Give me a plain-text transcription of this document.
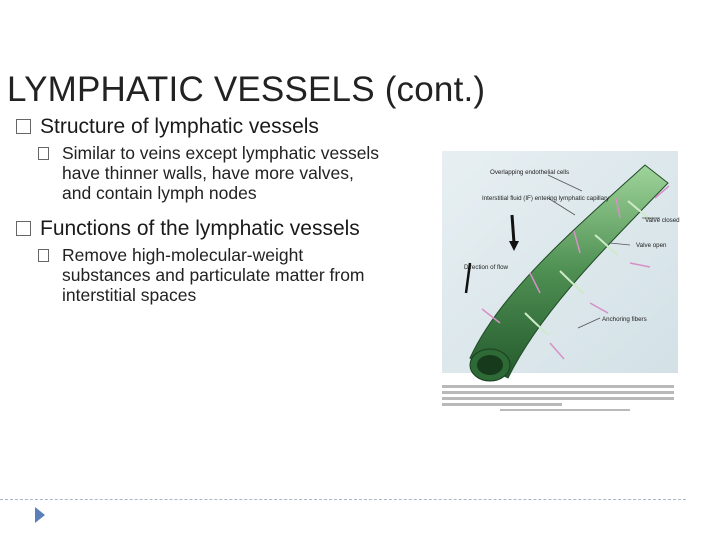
LYMPHATIC VESSELS (cont.)
Structure of lymphatic vessels
Similar to veins except lymphatic vessels have thinner walls, have more valves, and contain lymph nodes
Functions of the lymphatic vessels
Remove high-molecular-weight substances and particulate matter from interstitial spaces
Overlapping endothelial cells
Interstitial fluid (IF) entering lymphatic capillary
Valve closed
Valve open
Direction of flow
Anchoring fibers
